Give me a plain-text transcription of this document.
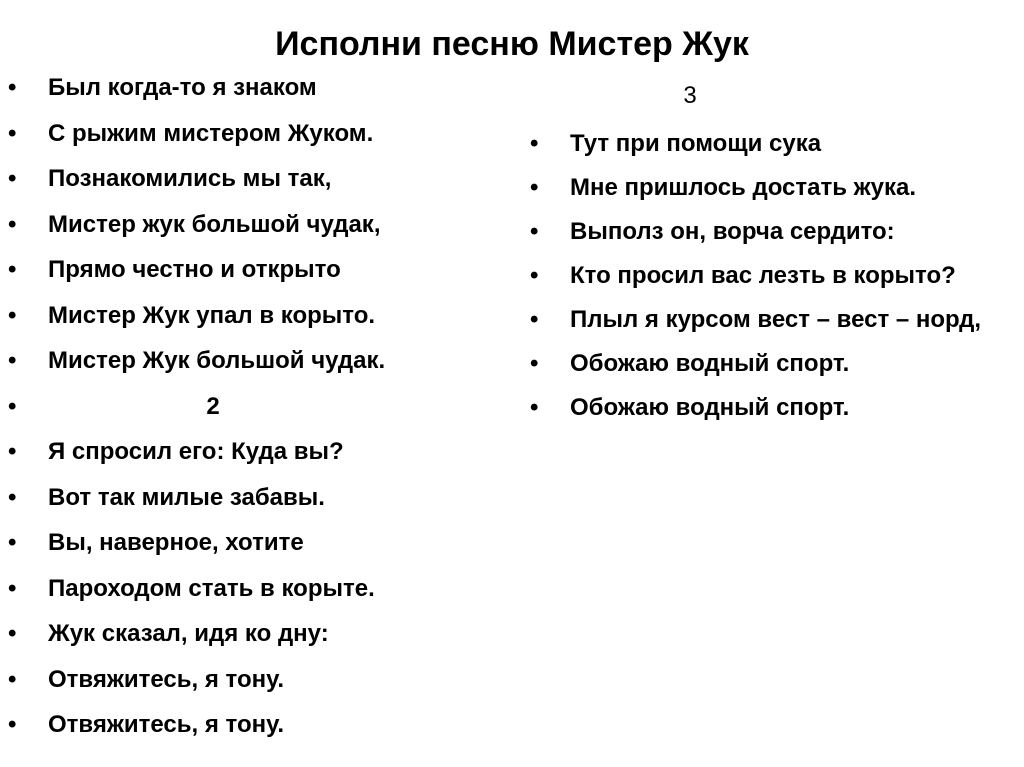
Исполни песню Мистер Жук
•	Был когда-то я знаком
•	С рыжим мистером Жуком.
•	Познакомились мы так,
•	Мистер жук большой чудак,
•	Прямо честно и открыто
•	Мистер Жук упал в корыто.
•	Мистер Жук большой чудак.
•	2
•	Я спросил его: Куда вы?
•	Вот так милые забавы.
•	Вы, наверное, хотите
•	Пароходом стать в корыте.
•	Жук сказал, идя ко дну:
•	Отвяжитесь, я тону.
•	Отвяжитесь, я тону.
3
•	Тут при помощи сука
•	Мне пришлось достать жука.
•	Выполз он, ворча сердито:
•	Кто просил вас лезть в корыто?
•	Плыл я курсом вест – вест – норд,
•	Обожаю водный спорт.
•	Обожаю водный спорт.
